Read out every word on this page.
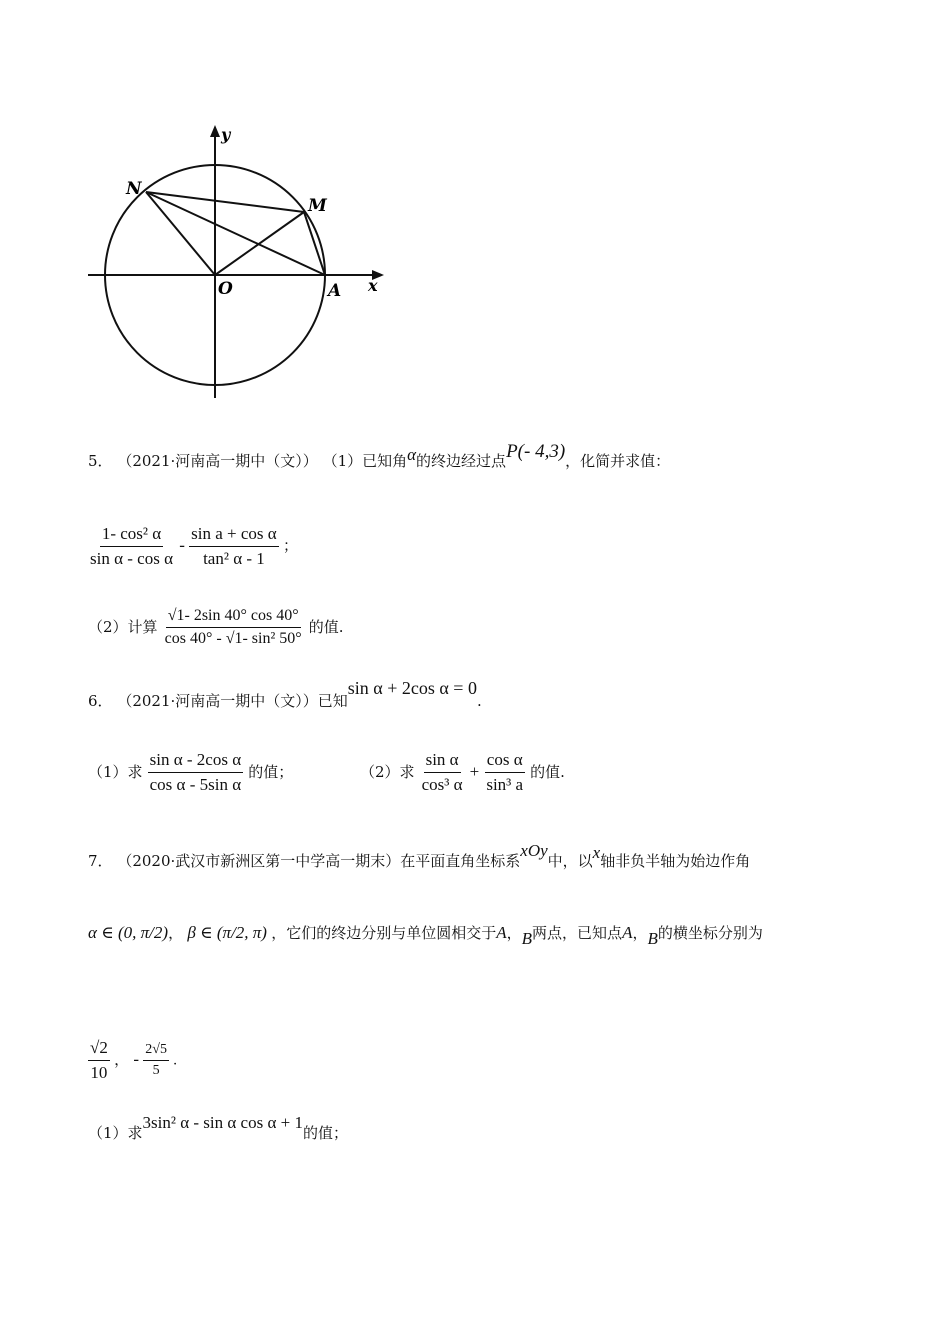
y
x
O	A
M
N
5． （2021·河南高一期中（文）） （1）已知角α的终边经过点P(- 4,3)，化简并求值：
$\frac{\text{1- cos² α}}{\text{sin α - cos α}} - \frac{\text{sin a + cos α}}{\text{tan² α - 1}}$ ；
（2）计算 $\frac{√1- 2\sin 40^\circ \cos 40^\circ}{\text{cos 40° - √1- sin² 50°}}$ 的值.
6． （2021·河南高一期中（文））已知sin α + 2cos α = 0.
（1）求 $\frac{\text{sin α - 2cos α}}{\text{cos α - 5sin α}}$ 的值；	（2）求 $\frac{\text{sin α}}{\text{cos³ α}} + \frac{\text{cos α}}{\text{sin³ a}}$ 的值.
7． （2020·武汉市新洲区第一中学高一期末）在平面直角坐标系xOy中，以x轴非负半轴为始边作角
α ∈ (0, π/2)， β ∈ (π/2, π) ，它们的终边分别与单位圆相交于A，B两点，已知点A，B的横坐标分别为
$\frac{√2}{10}$ ， - $\frac{2√5}{5}$ .
（1）求3sin² α - sin α cos α + 1的值；
